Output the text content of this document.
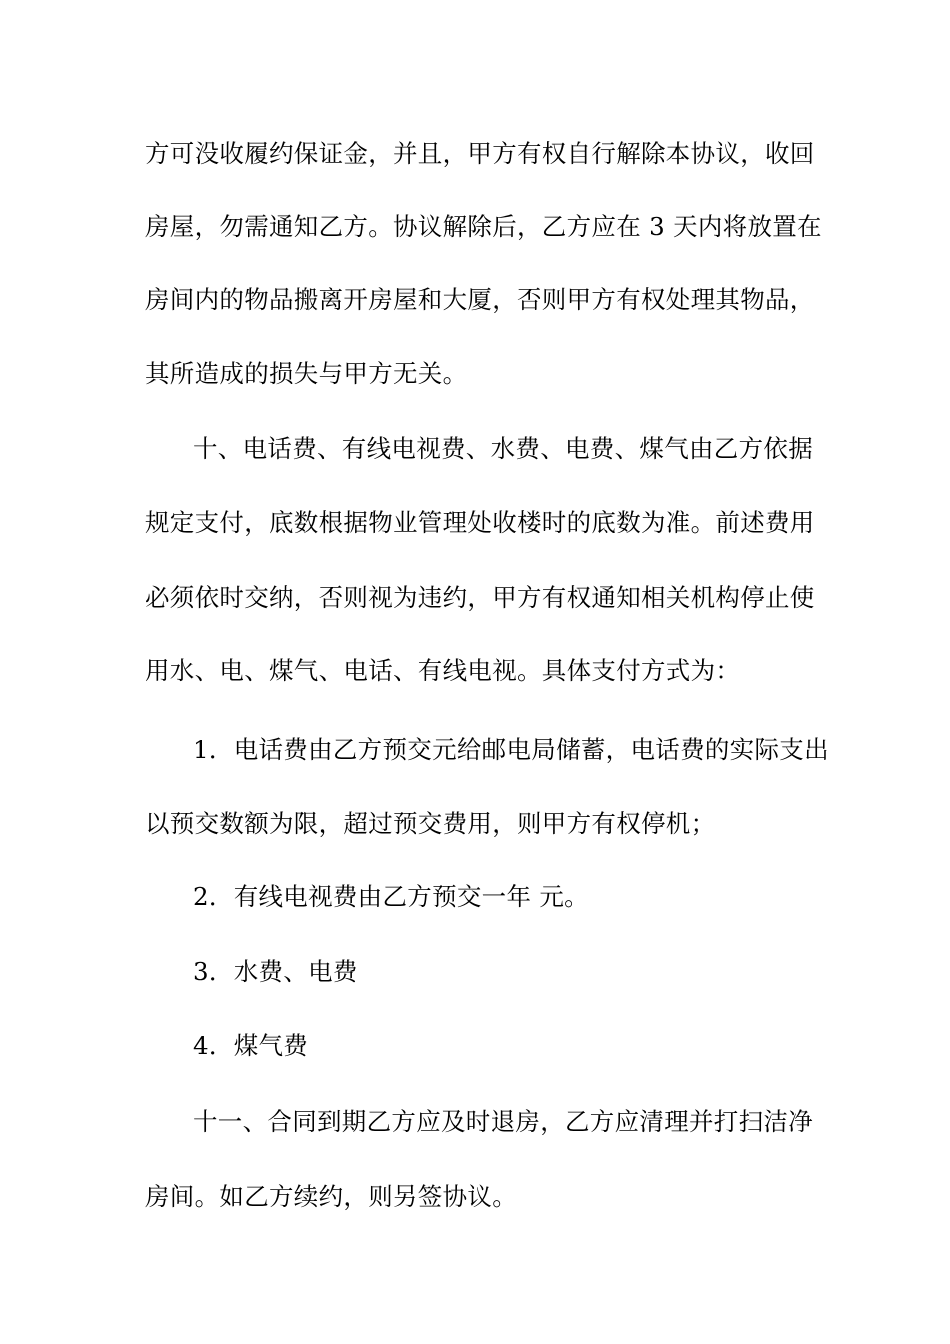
方可没收履约保证金，并且，甲方有权自行解除本协议，收回
房屋，勿需通知乙方。协议解除后，乙方应在 3 天内将放置在
房间内的物品搬离开房屋和大厦，否则甲方有权处理其物品，
其所造成的损失与甲方无关。
十、电话费、有线电视费、水费、电费、煤气由乙方依据
规定支付，底数根据物业管理处收楼时的底数为准。前述费用
必须依时交纳，否则视为违约，甲方有权通知相关机构停止使
用水、电、煤气、电话、有线电视。具体支付方式为：
1．电话费由乙方预交元给邮电局储蓄，电话费的实际支出
以预交数额为限，超过预交费用，则甲方有权停机；
2．有线电视费由乙方预交一年 元。
3．水费、电费
4．煤气费
十一、合同到期乙方应及时退房，乙方应清理并打扫洁净
房间。如乙方续约，则另签协议。
